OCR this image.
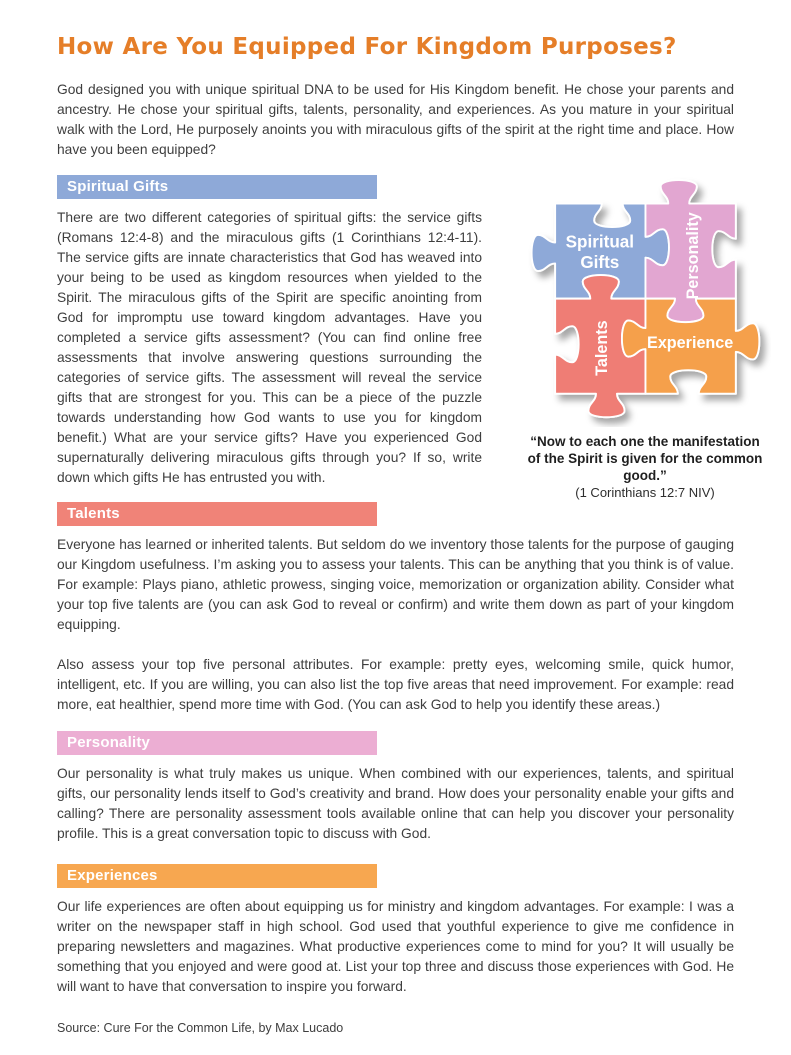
How Are You Equipped For Kingdom Purposes?

God designed you with unique spiritual DNA to be used for His Kingdom benefit. He chose your parents and ancestry. He chose your spiritual gifts, talents, personality, and experiences. As you mature in your spiritual walk with the Lord, He purposely anoints you with miraculous gifts of the spirit at the right time and place. How have you been equipped?

Spiritual Gifts

There are two different categories of spiritual gifts: the service gifts (Romans 12:4-8) and the miraculous gifts (1 Corinthians 12:4-11). The service gifts are innate characteristics that God has weaved into your being to be used as kingdom resources when yielded to the Spirit. The miraculous gifts of the Spirit are specific anointing from God for impromptu use toward kingdom advantages. Have you completed a service gifts assessment? (You can find online free assessments that involve answering questions surrounding the categories of service gifts. The assessment will reveal the service gifts that are strongest for you. This can be a piece of the puzzle towards understanding how God wants to use you for kingdom benefit.) What are your service gifts? Have you experienced God supernaturally delivering miraculous gifts through you? If so, write down which gifts He has entrusted you with.

Spiritual
Gifts	Personality
Talents Experience
“Now to each one the manifestation of the Spirit is given for the common good.”
(1 Corinthians 12:7 NIV)
Talents

Everyone has learned or inherited talents. But seldom do we inventory those talents for the purpose of gauging our Kingdom usefulness. I’m asking you to assess your talents. This can be anything that you think is of value. For example: Plays piano, athletic prowess, singing voice, memorization or organization ability. Consider what your top five talents are (you can ask God to reveal or confirm) and write them down as part of your kingdom equipping.

Also assess your top five personal attributes. For example: pretty eyes, welcoming smile, quick humor, intelligent, etc. If you are willing, you can also list the top five areas that need improvement. For example: read more, eat healthier, spend more time with God. (You can ask God to help you identify these areas.)

Personality

Our personality is what truly makes us unique. When combined with our experiences, talents, and spiritual gifts, our personality lends itself to God’s creativity and brand. How does your personality enable your gifts and calling? There are personality assessment tools available online that can help you discover your personality profile. This is a great conversation topic to discuss with God.

Experiences

Our life experiences are often about equipping us for ministry and kingdom advantages. For example: I was a writer on the newspaper staff in high school. God used that youthful experience to give me confidence in preparing newsletters and magazines. What productive experiences come to mind for you? It will usually be something that you enjoyed and were good at. List your top three and discuss those experiences with God. He will want to have that conversation to inspire you forward.

Source: Cure For the Common Life, by Max Lucado
